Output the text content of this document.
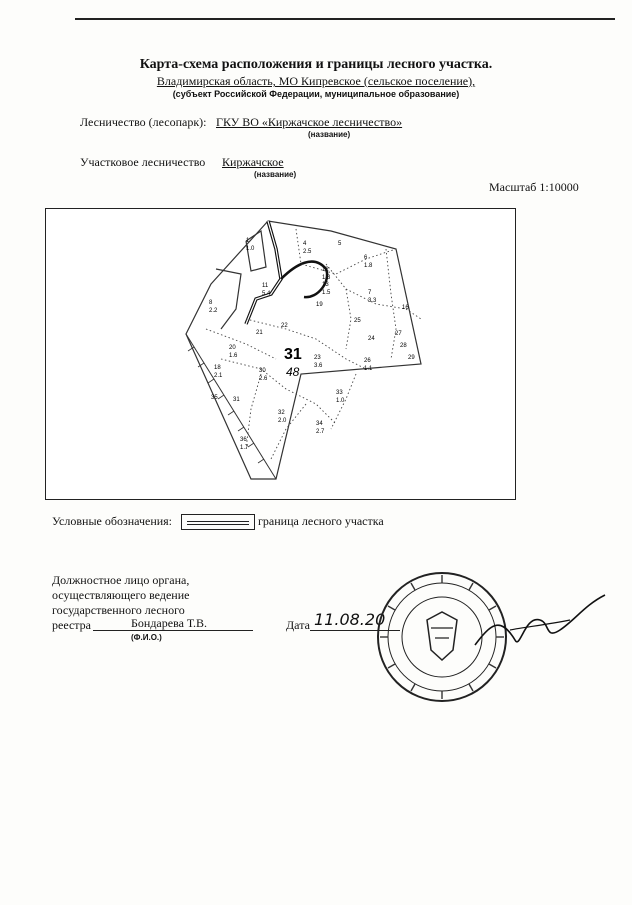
Карта-схема расположения и границы лесного участка.
Владимирская область, МО Кипревское (сельское поселение),
(субъект Российской Федерации, муниципальное образование)
Лесничество (лесопарк): ГКУ ВО «Киржачское лесничество»
(название)
Участковое лесничество Киржачское
(название)
Масштаб 1:10000
31
48
1
1.0
4
2.5
5
6
1.8
7
3.3
8
2.2
11
5.4
12
1.3
13
1.5
16
18
2.1
19
20
1.6
21
22
23
3.6
24
25
26
1.1
27
28
29
30
2.6
31
32
2.0
33
1.0
34
2.7
35
36
1.7
Условные обозначения:	граница лесного участка
Должностное лицо органа,
осуществляющего ведение
государственного лесного
реестра	Бондарева Т.В.
(Ф.И.О.)
Дата 11.08.20
